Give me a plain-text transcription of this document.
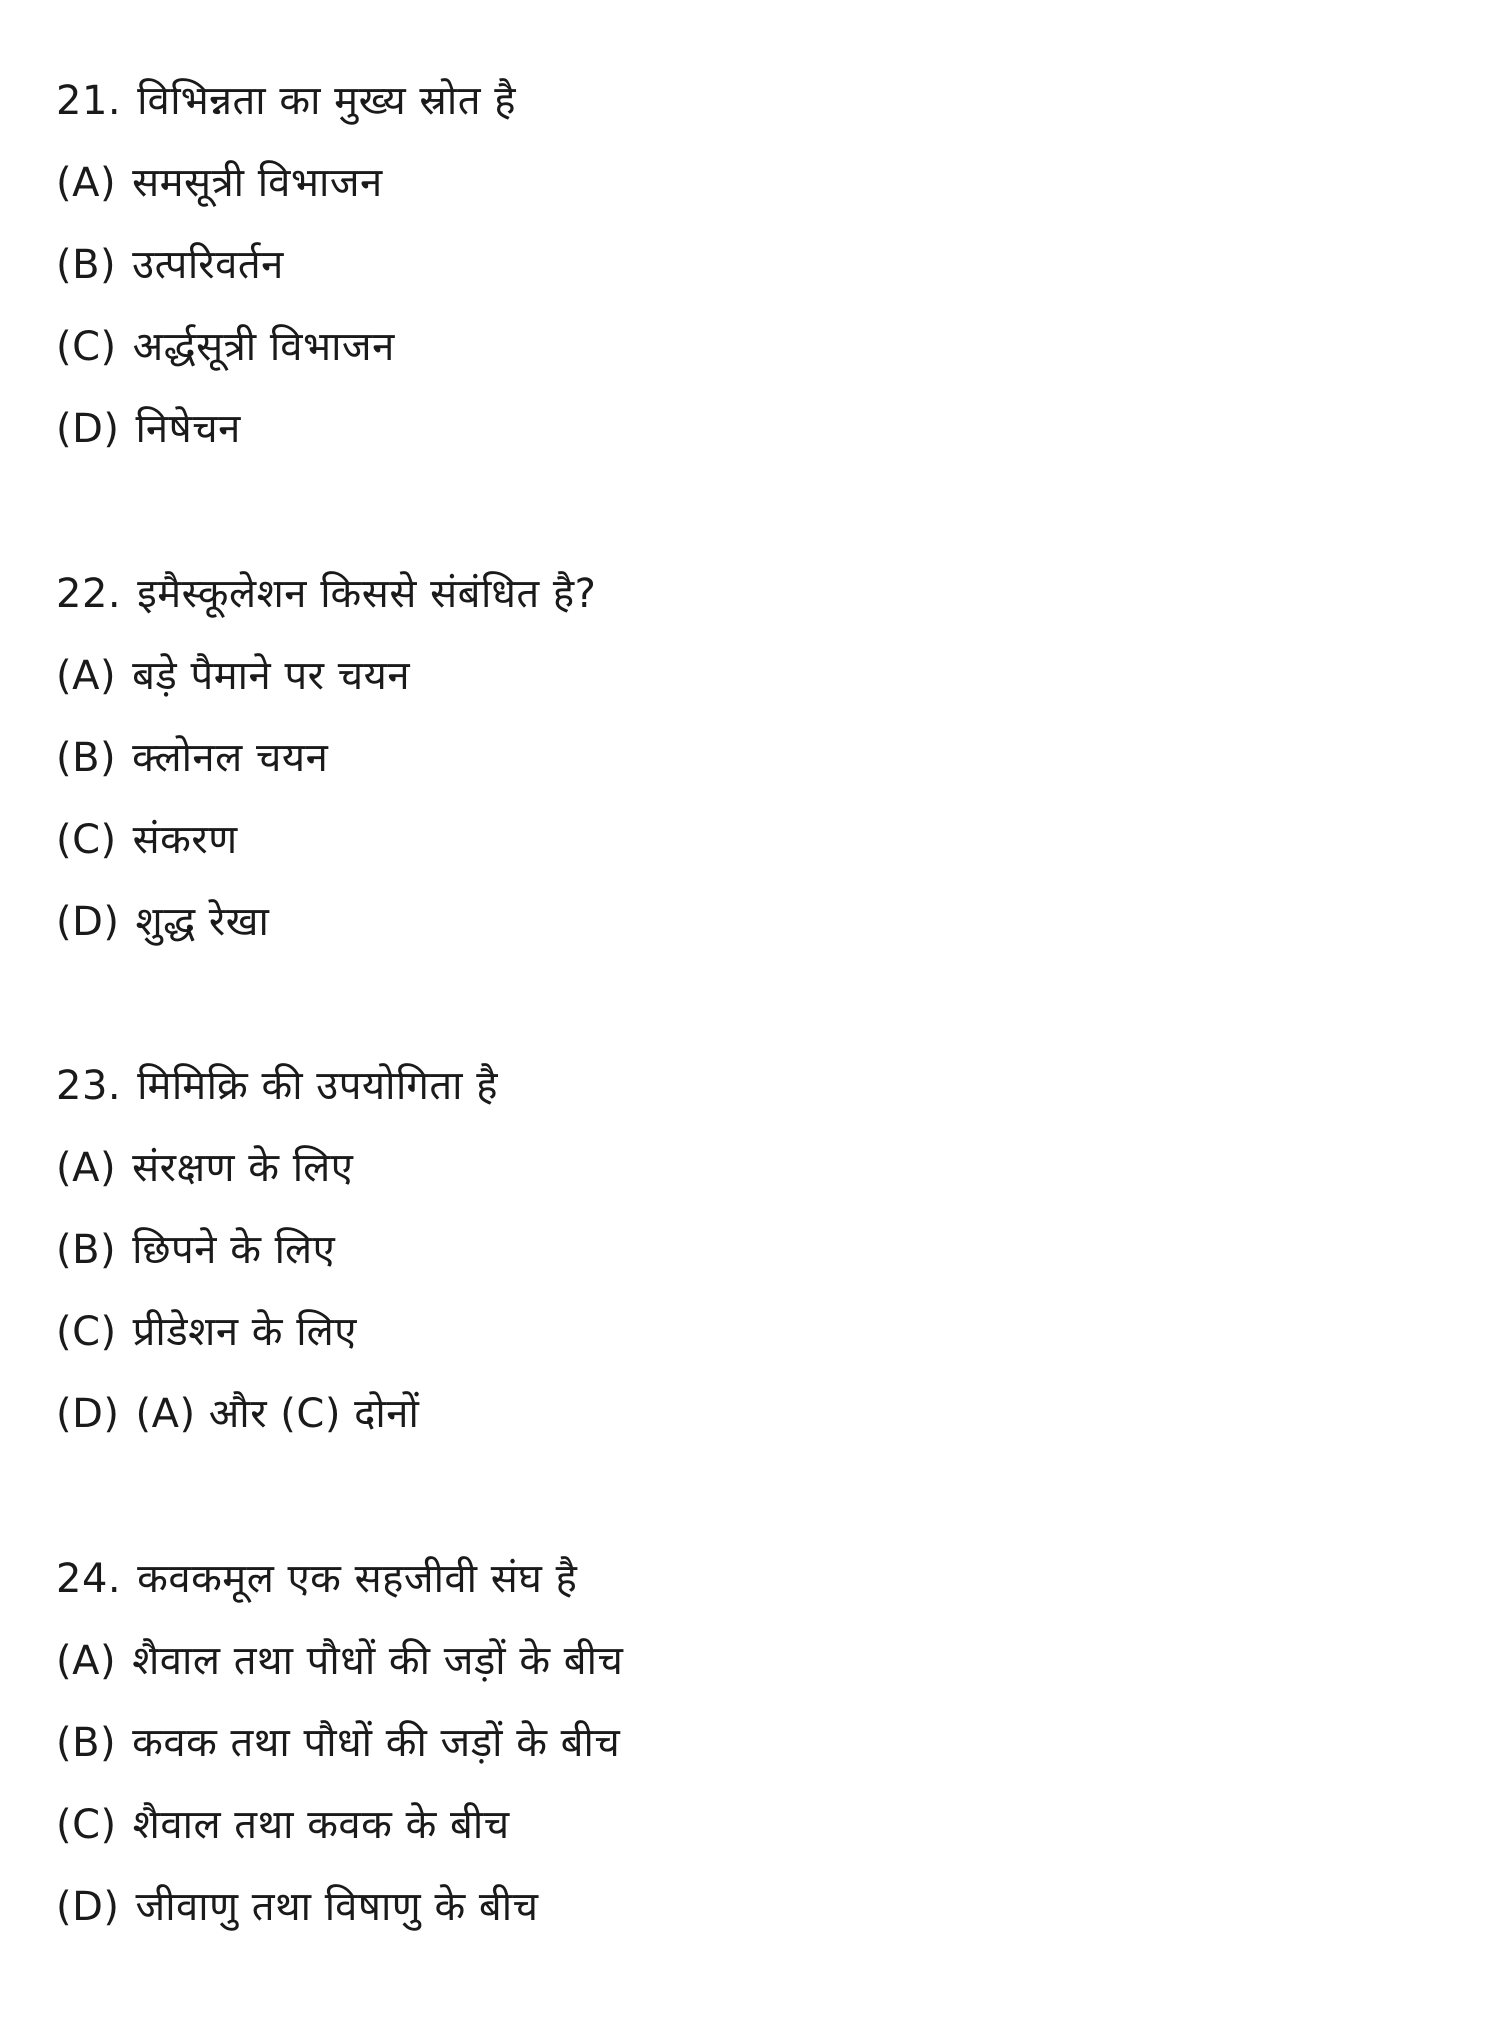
21. विभिन्नता का मुख्य स्रोत है
(A) समसूत्री विभाजन
(B) उत्परिवर्तन
(C) अर्द्धसूत्री विभाजन
(D) निषेचन
22. इमैस्कूलेशन किससे संबंधित है?
(A) बड़े पैमाने पर चयन
(B) क्लोनल चयन
(C) संकरण
(D) शुद्ध रेखा
23. मिमिक्रि की उपयोगिता है
(A) संरक्षण के लिए
(B) छिपने के लिए
(C) प्रीडेशन के लिए
(D) (A) और (C) दोनों
24. कवकमूल एक सहजीवी संघ है
(A) शैवाल तथा पौधों की जड़ों के बीच
(B) कवक तथा पौधों की जड़ों के बीच
(C) शैवाल तथा कवक के बीच
(D) जीवाणु तथा विषाणु के बीच
